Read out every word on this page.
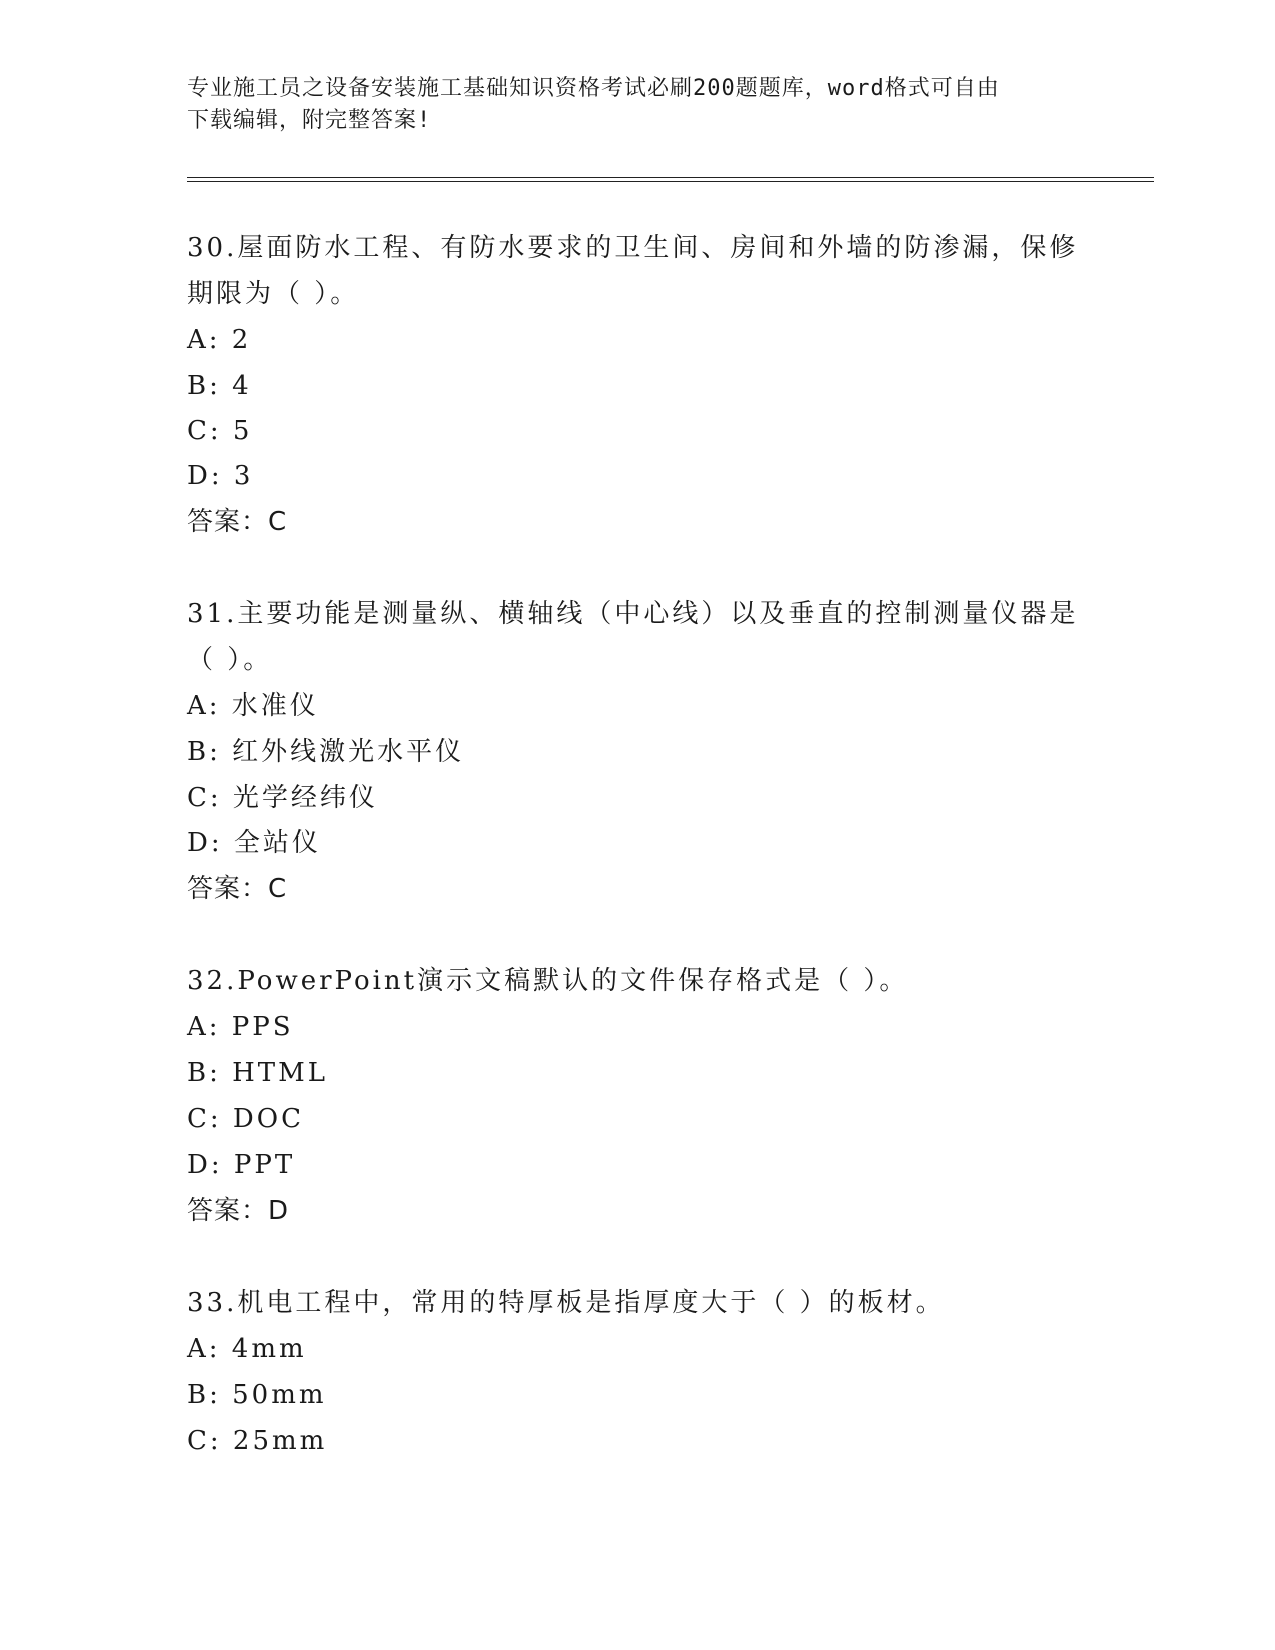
专业施工员之设备安装施工基础知识资格考试必刷200题题库，word格式可自由
下载编辑，附完整答案!
30.屋面防水工程、有防水要求的卫生间、房间和外墙的防渗漏，保修
期限为（ ）。
A: 2
B: 4
C: 5
D: 3
答案：C
31.主要功能是测量纵、横轴线（中心线）以及垂直的控制测量仪器是
（ ）。
A: 水准仪
B: 红外线激光水平仪
C: 光学经纬仪
D: 全站仪
答案：C
32.PowerPoint演示文稿默认的文件保存格式是（ ）。
A: PPS
B: HTML
C: DOC
D: PPT
答案：D
33.机电工程中，常用的特厚板是指厚度大于（ ）的板材。
A: 4mm
B: 50mm
C: 25mm
